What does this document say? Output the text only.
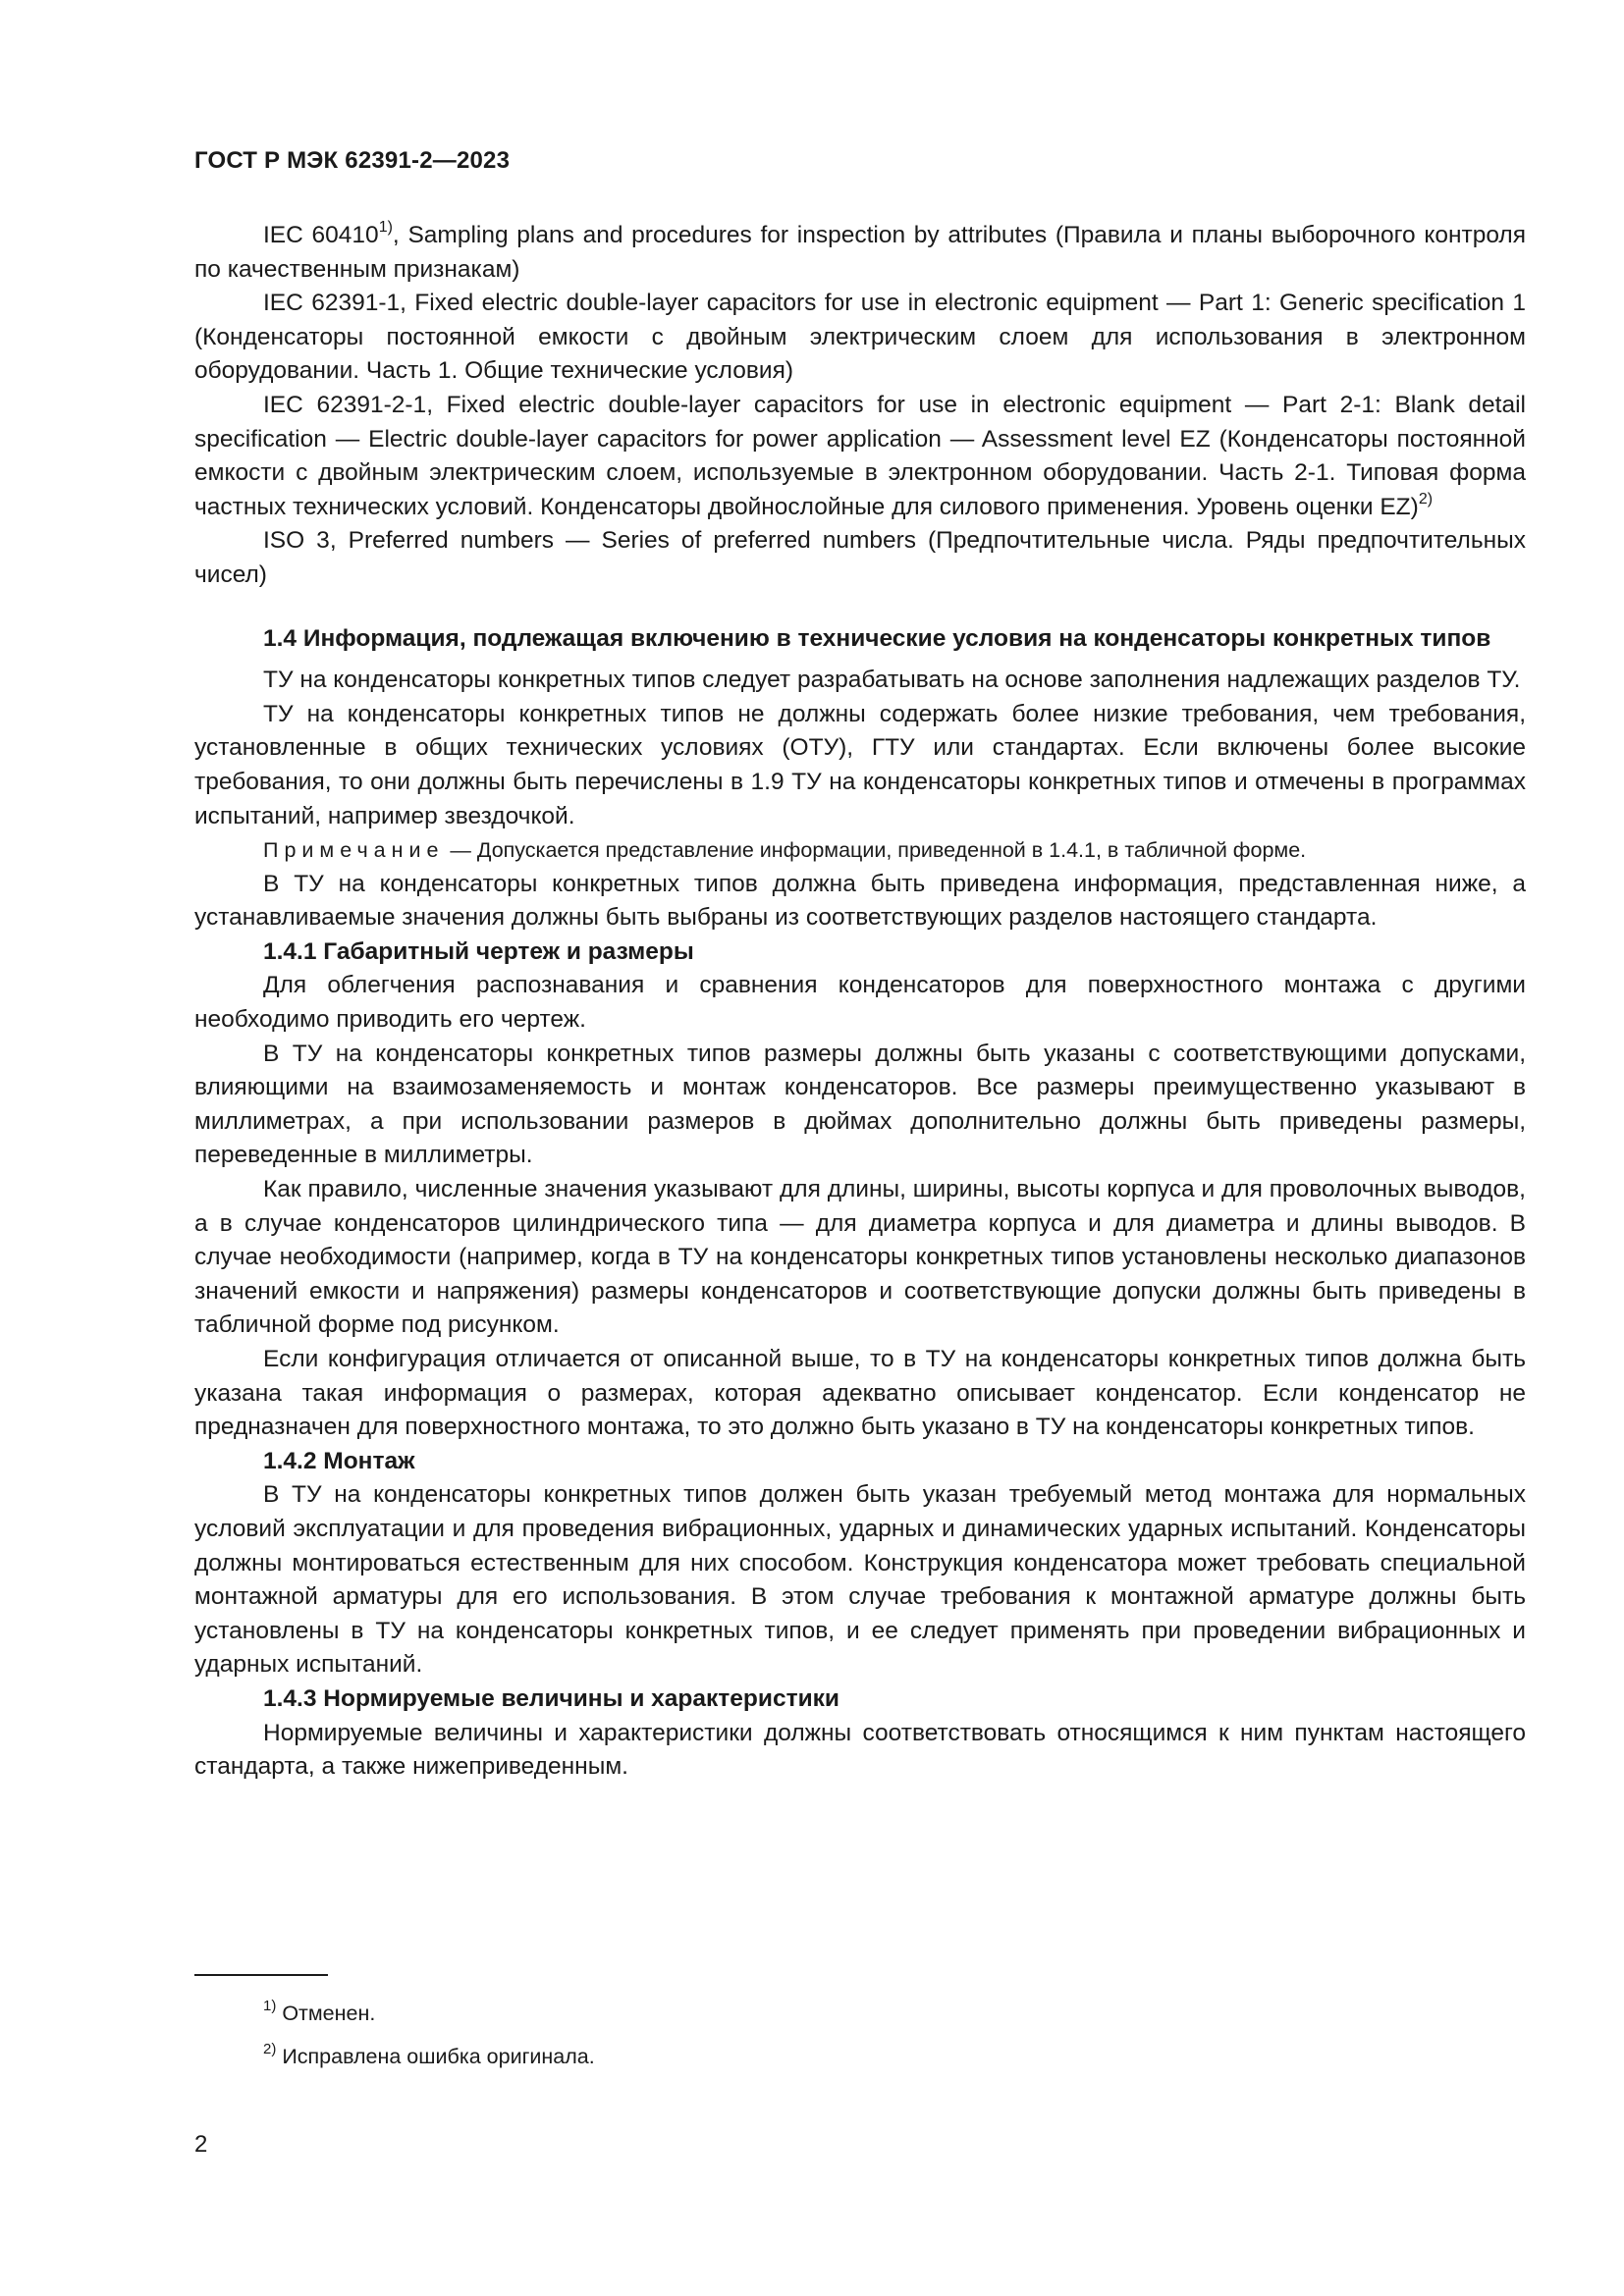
ГОСТ Р МЭК 62391-2—2023

IEC 60410$^{1)}$, Sampling plans and procedures for inspection by attributes (Правила и планы выборочного контроля по качественным признакам)

IEC 62391-1, Fixed electric double-layer capacitors for use in electronic equipment — Part 1: Generic specification 1 (Конденсаторы постоянной емкости с двойным электрическим слоем для использования в электронном оборудовании. Часть 1. Общие технические условия)

IEC 62391-2-1, Fixed electric double-layer capacitors for use in electronic equipment — Part 2-1: Blank detail specification — Electric double-layer capacitors for power application — Assessment level EZ (Конденсаторы постоянной емкости с двойным электрическим слоем, используемые в электронном оборудовании. Часть 2-1. Типовая форма частных технических условий. Конденсаторы двойнослойные для силового применения. Уровень оценки EZ)$^{2)}$

ISO 3, Preferred numbers — Series of preferred numbers (Предпочтительные числа. Ряды предпочтительных чисел)

1.4 Информация, подлежащая включению в технические условия на конденсаторы конкретных типов

ТУ на конденсаторы конкретных типов следует разрабатывать на основе заполнения надлежащих разделов ТУ.

ТУ на конденсаторы конкретных типов не должны содержать более низкие требования, чем требования, установленные в общих технических условиях (ОТУ), ГТУ или стандартах. Если включены более высокие требования, то они должны быть перечислены в 1.9 ТУ на конденсаторы конкретных типов и отмечены в программах испытаний, например звездочкой.

Примечание — Допускается представление информации, приведенной в 1.4.1, в табличной форме.

В ТУ на конденсаторы конкретных типов должна быть приведена информация, представленная ниже, а устанавливаемые значения должны быть выбраны из соответствующих разделов настоящего стандарта.

1.4.1 Габаритный чертеж и размеры

Для облегчения распознавания и сравнения конденсаторов для поверхностного монтажа с другими необходимо приводить его чертеж.

В ТУ на конденсаторы конкретных типов размеры должны быть указаны с соответствующими допусками, влияющими на взаимозаменяемость и монтаж конденсаторов. Все размеры преимущественно указывают в миллиметрах, а при использовании размеров в дюймах дополнительно должны быть приведены размеры, переведенные в миллиметры.

Как правило, численные значения указывают для длины, ширины, высоты корпуса и для проволочных выводов, а в случае конденсаторов цилиндрического типа — для диаметра корпуса и для диаметра и длины выводов. В случае необходимости (например, когда в ТУ на конденсаторы конкретных типов установлены несколько диапазонов значений емкости и напряжения) размеры конденсаторов и соответствующие допуски должны быть приведены в табличной форме под рисунком.

Если конфигурация отличается от описанной выше, то в ТУ на конденсаторы конкретных типов должна быть указана такая информация о размерах, которая адекватно описывает конденсатор. Если конденсатор не предназначен для поверхностного монтажа, то это должно быть указано в ТУ на конденсаторы конкретных типов.

1.4.2 Монтаж

В ТУ на конденсаторы конкретных типов должен быть указан требуемый метод монтажа для нормальных условий эксплуатации и для проведения вибрационных, ударных и динамических ударных испытаний. Конденсаторы должны монтироваться естественным для них способом. Конструкция конденсатора может требовать специальной монтажной арматуры для его использования. В этом случае требования к монтажной арматуре должны быть установлены в ТУ на конденсаторы конкретных типов, и ее следует применять при проведении вибрационных и ударных испытаний.

1.4.3 Нормируемые величины и характеристики

Нормируемые величины и характеристики должны соответствовать относящимся к ним пунктам настоящего стандарта, а также нижеприведенным.

$^{1)}$ Отменен.
$^{2)}$ Исправлена ошибка оригинала.
2
